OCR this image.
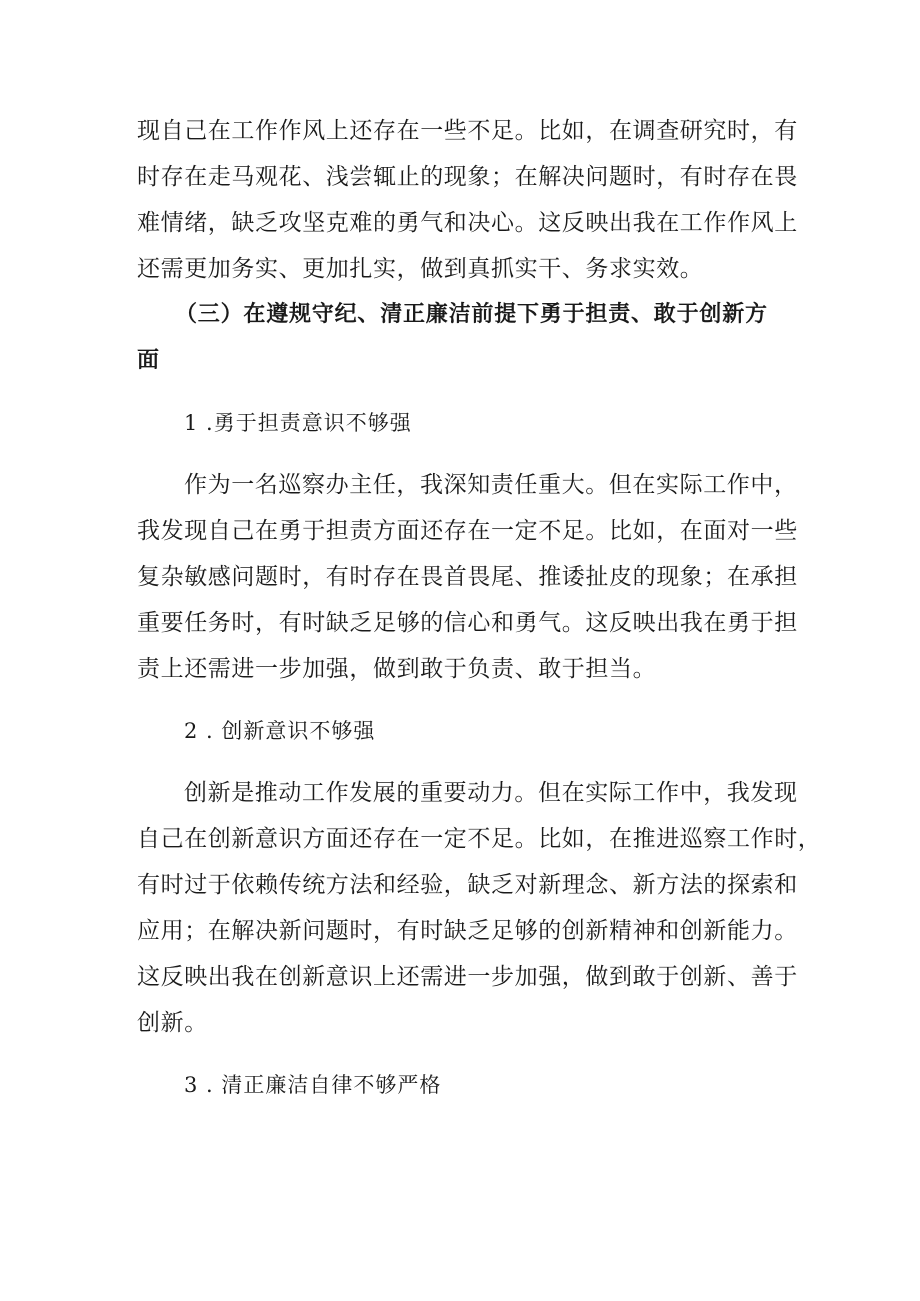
现自己在工作作风上还存在一些不足。比如，在调查研究时，有
时存在走马观花、浅尝辄止的现象；在解决问题时，有时存在畏
难情绪，缺乏攻坚克难的勇气和决心。这反映出我在工作作风上
还需更加务实、更加扎实，做到真抓实干、务求实效。
（三）在遵规守纪、清正廉洁前提下勇于担责、敢于创新方
面
1 .勇于担责意识不够强
作为一名巡察办主任，我深知责任重大。但在实际工作中，
我发现自己在勇于担责方面还存在一定不足。比如，在面对一些
复杂敏感问题时，有时存在畏首畏尾、推诿扯皮的现象；在承担
重要任务时，有时缺乏足够的信心和勇气。这反映出我在勇于担
责上还需进一步加强，做到敢于负责、敢于担当。
2 . 创新意识不够强
创新是推动工作发展的重要动力。但在实际工作中，我发现
自己在创新意识方面还存在一定不足。比如，在推进巡察工作时，
有时过于依赖传统方法和经验，缺乏对新理念、新方法的探索和
应用；在解决新问题时，有时缺乏足够的创新精神和创新能力。
这反映出我在创新意识上还需进一步加强，做到敢于创新、善于
创新。
3 . 清正廉洁自律不够严格
